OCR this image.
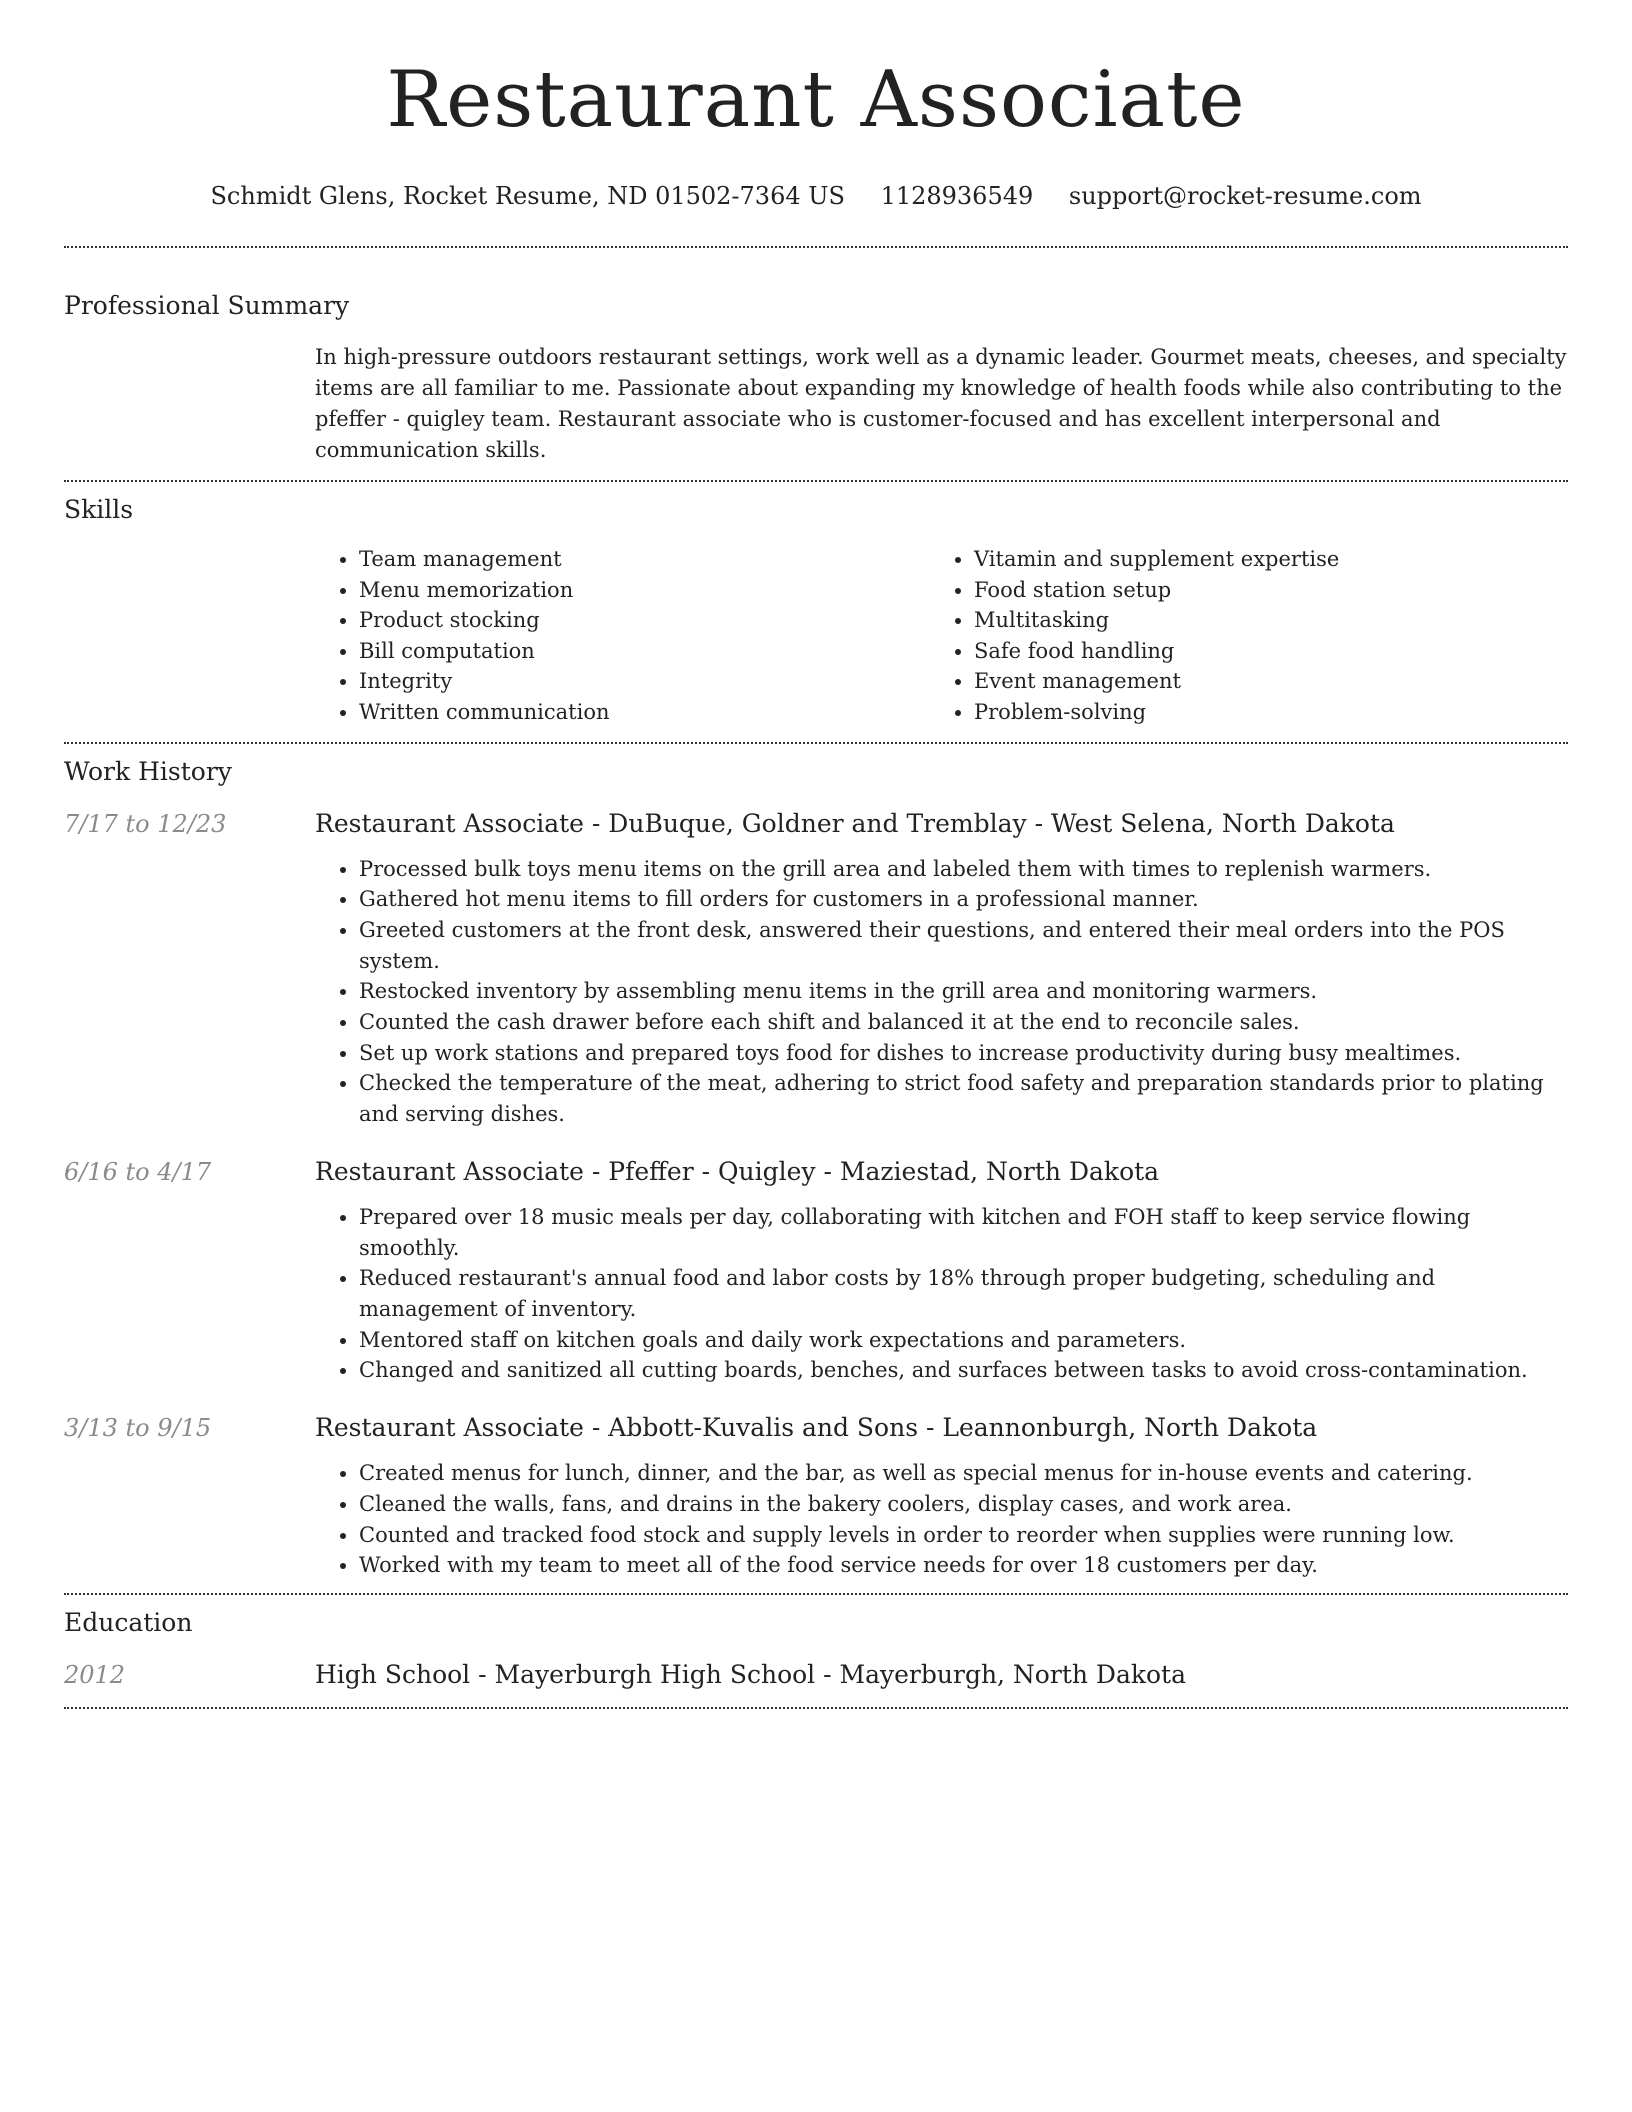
Restaurant Associate
Schmidt Glens, Rocket Resume, ND 01502-7364 US 1128936549 support@rocket-resume.com
Professional Summary

In high-pressure outdoors restaurant settings, work well as a dynamic leader. Gourmet meats, cheeses, and specialty items are all familiar to me. Passionate about expanding my knowledge of health foods while also contributing to the pfeffer - quigley team. Restaurant associate who is customer-focused and has excellent interpersonal and communication skills.

Skills
• Team management
• Menu memorization
• Product stocking
• Bill computation
• Integrity
• Written communication
• Vitamin and supplement expertise
• Food station setup
• Multitasking
• Safe food handling
• Event management
• Problem-solving
Work History
7/17 to 12/23	Restaurant Associate - DuBuque, Goldner and Tremblay - West Selena, North Dakota
• Processed bulk toys menu items on the grill area and labeled them with times to replenish warmers.
• Gathered hot menu items to fill orders for customers in a professional manner.
• Greeted customers at the front desk, answered their questions, and entered their meal orders into the POS system.
• Restocked inventory by assembling menu items in the grill area and monitoring warmers.
• Counted the cash drawer before each shift and balanced it at the end to reconcile sales.
• Set up work stations and prepared toys food for dishes to increase productivity during busy mealtimes.
• Checked the temperature of the meat, adhering to strict food safety and preparation standards prior to plating and serving dishes.
6/16 to 4/17	Restaurant Associate - Pfeffer - Quigley - Maziestad, North Dakota
• Prepared over 18 music meals per day, collaborating with kitchen and FOH staff to keep service flowing smoothly.
• Reduced restaurant's annual food and labor costs by 18% through proper budgeting, scheduling and management of inventory.
• Mentored staff on kitchen goals and daily work expectations and parameters.
• Changed and sanitized all cutting boards, benches, and surfaces between tasks to avoid cross-contamination.
3/13 to 9/15	Restaurant Associate - Abbott-Kuvalis and Sons - Leannonburgh, North Dakota
• Created menus for lunch, dinner, and the bar, as well as special menus for in-house events and catering.
• Cleaned the walls, fans, and drains in the bakery coolers, display cases, and work area.
• Counted and tracked food stock and supply levels in order to reorder when supplies were running low.
• Worked with my team to meet all of the food service needs for over 18 customers per day.
Education
2012	High School - Mayerburgh High School - Mayerburgh, North Dakota
